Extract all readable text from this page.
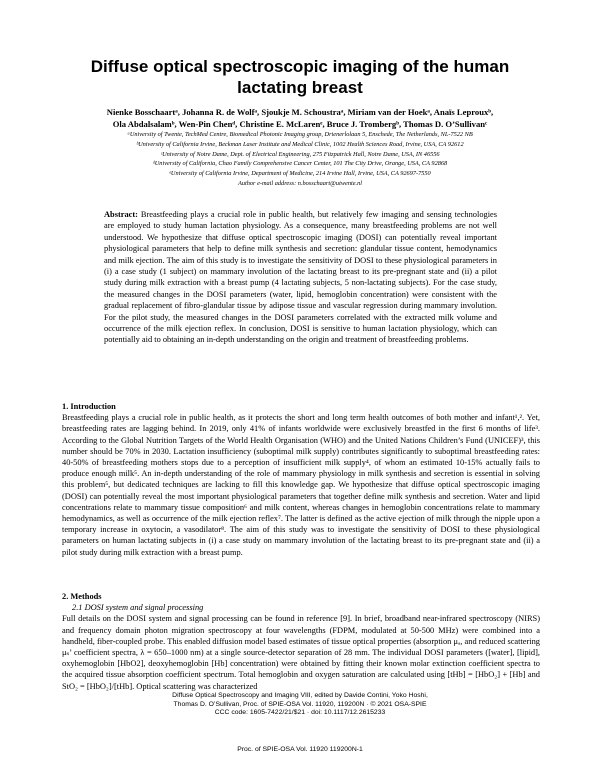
Diffuse optical spectroscopic imaging of the human
lactating breast
Nienke Bosschaartᵃ, Johanna R. de Wolfᵃ, Sjoukje M. Schoustraᵃ, Miriam van der Hoekᵃ, Anaïs Leprouxᵇ,
Ola Abdalsalamᵇ, Wen-Pin Chenᵈ, Christine E. McLarenᵉ, Bruce J. Trombergᵇ, Thomas D. O’Sullivanᶜ
ᵃUniversity of Twente, TechMed Centre, Biomedical Photonic Imaging group, Drienerlolaan 5, Enschede, The Netherlands, NL-7522 NB
ᵇUniversity of California Irvine, Beckman Laser Institute and Medical Clinic, 1002 Health Sciences Road, Irvine, USA, CA 92612
ᶜUniversity of Notre Dame, Dept. of Electrical Engineering, 275 Fitzpatrick Hall, Notre Dame, USA, IN 46556
ᵈUniversity of California, Chao Family Comprehensive Cancer Center, 101 The City Drive, Orange, USA, CA 92868
ᵉUniversity of California Irvine, Department of Medicine, 214 Irvine Hall, Irvine, USA, CA 92697-7550
Author e-mail address: n.bosschaart@utwente.nl
Abstract: Breastfeeding plays a crucial role in public health, but relatively few imaging and sensing technologies are employed to study human lactation physiology. As a consequence, many breastfeeding problems are not well understood. We hypothesize that diffuse optical spectroscopic imaging (DOSI) can potentially reveal important physiological parameters that help to define milk synthesis and secretion: glandular tissue content, hemodynamics and milk ejection. The aim of this study is to investigate the sensitivity of DOSI to these physiological parameters in (i) a case study (1 subject) on mammary involution of the lactating breast to its pre-pregnant state and (ii) a pilot study during milk extraction with a breast pump (4 lactating subjects, 5 non-lactating subjects). For the case study, the measured changes in the DOSI parameters (water, lipid, hemoglobin concentration) were consistent with the gradual replacement of fibro-glandular tissue by adipose tissue and vascular regression during mammary involution. For the pilot study, the measured changes in the DOSI parameters correlated with the extracted milk volume and occurrence of the milk ejection reflex. In conclusion, DOSI is sensitive to human lactation physiology, which can potentially aid to obtaining an in-depth understanding on the origin and treatment of breastfeeding problems.
1. Introduction
Breastfeeding plays a crucial role in public health, as it protects the short and long term health outcomes of both mother and infant¹,². Yet, breastfeeding rates are lagging behind. In 2019, only 41% of infants worldwide were exclusively breastfed in the first 6 months of life³. According to the Global Nutrition Targets of the World Health Organisation (WHO) and the United Nations Children’s Fund (UNICEF)³, this number should be 70% in 2030. Lactation insufficiency (suboptimal milk supply) contributes significantly to suboptimal breastfeeding rates: 40-50% of breastfeeding mothers stops due to a perception of insufficient milk supply⁴, of whom an estimated 10-15% actually fails to produce enough milk⁵. An in-depth understanding of the role of mammary physiology in milk synthesis and secretion is essential in solving this problem⁵, but dedicated techniques are lacking to fill this knowledge gap. We hypothesize that diffuse optical spectroscopic imaging (DOSI) can potentially reveal the most important physiological parameters that together define milk synthesis and secretion. Water and lipid concentrations relate to mammary tissue composition⁶ and milk content, whereas changes in hemoglobin concentrations relate to mammary hemodynamics, as well as occurrence of the milk ejection reflex⁷. The latter is defined as the active ejection of milk through the nipple upon a temporary increase in oxytocin, a vasodilator⁸. The aim of this study was to investigate the sensitivity of DOSI to these physiological parameters on human lactating subjects in (i) a case study on mammary involution of the lactating breast to its pre-pregnant state and (ii) a pilot study during milk extraction with a breast pump.
2. Methods
2.1 DOSI system and signal processing
Full details on the DOSI system and signal processing can be found in reference [9]. In brief, broadband near-infrared spectroscopy (NIRS) and frequency domain photon migration spectroscopy at four wavelengths (FDPM, modulated at 50-500 MHz) were combined into a handheld, fiber-coupled probe. This enabled diffusion model based estimates of tissue optical properties (absorption μₐ, and reduced scattering μₛ’ coefficient spectra, λ = 650–1000 nm) at a single source-detector separation of 28 mm. The individual DOSI parameters ([water], [lipid], oxyhemoglobin [HbO2], deoxyhemoglobin [Hb] concentration) were obtained by fitting their known molar extinction coefficient spectra to the acquired tissue absorption coefficient spectrum. Total hemoglobin and oxygen saturation are calculated using [tHb] = [HbO₂] + [Hb] and StO₂ = [HbO₂]/[tHb]. Optical scattering was characterized
Diffuse Optical Spectroscopy and Imaging VIII, edited by Davide Contini, Yoko Hoshi,
Thomas D. O’Sullivan, Proc. of SPIE-OSA Vol. 11920, 119200N · © 2021 OSA-SPIE
CCC code: 1605-7422/21/$21 · doi: 10.1117/12.2615233
Proc. of SPIE-OSA Vol. 11920 119200N-1
